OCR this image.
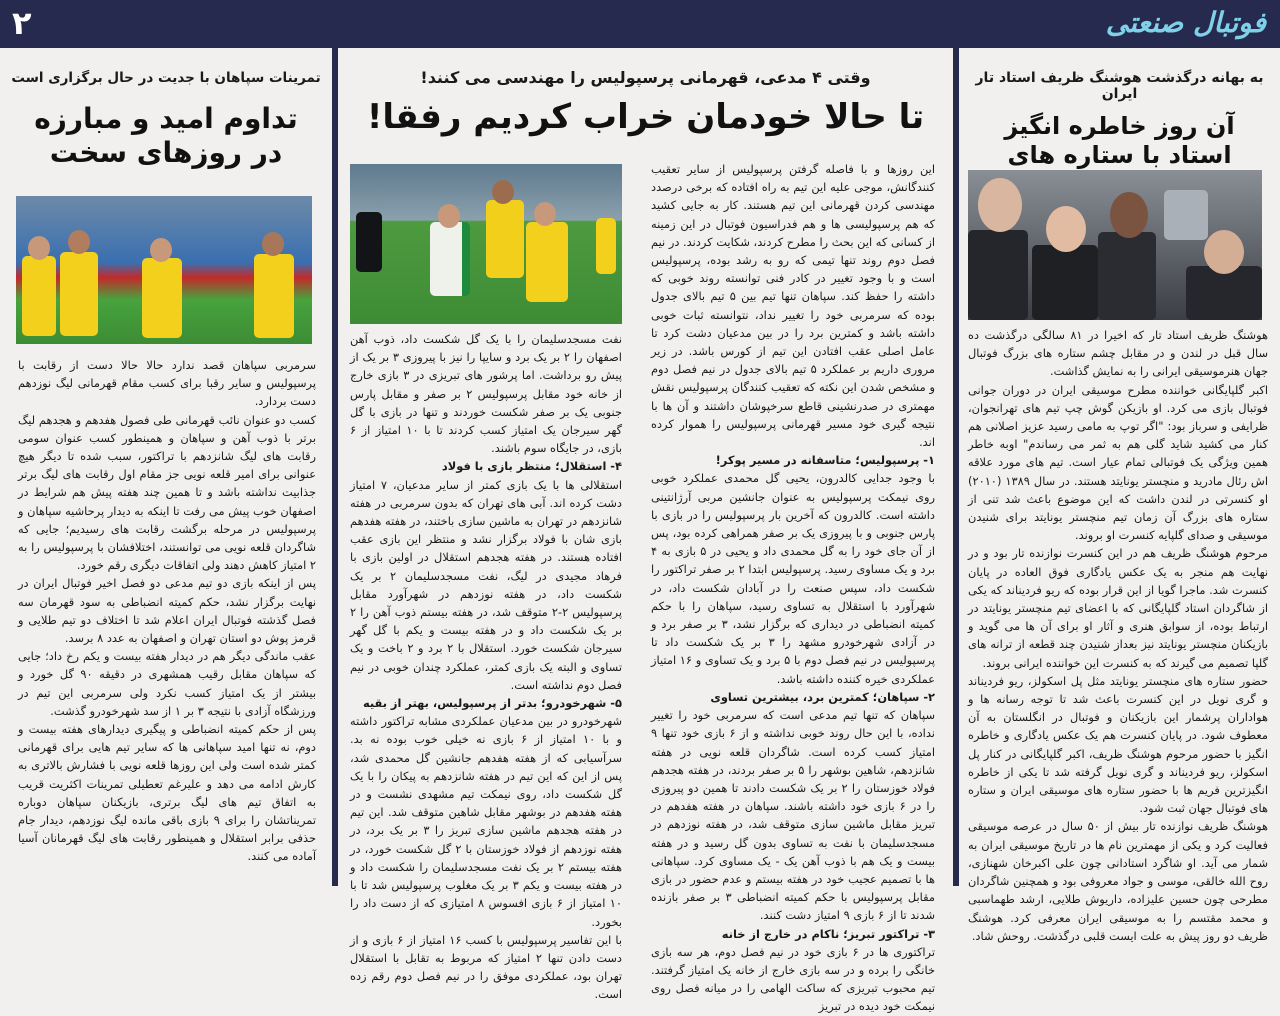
۲	فوتبال صنعتی
به بهانه درگذشت هوشنگ ظریف استاد تار ایران
آن روز خاطره انگیز استاد با ستاره های

هوشنگ ظریف استاد تار که اخیرا در ۸۱ سالگی درگذشت ده سال قبل در لندن و در مقابل چشم ستاره های بزرگ فوتبال جهان هنرموسیقی ایرانی را به نمایش گذاشت.

اکبر گلپایگانی خواننده مطرح موسیقی ایران در دوران جوانی فوتبال بازی می کرد. او بازیکن گوش چپ تیم های تهرانجوان، ظرایفی و سرباز بود: "اگر توپ به مامی رسید عزیز اصلانی هم کنار می کشید شاید گلی هم به ثمر می رساندم" اوبه خاطر همین ویژگی یک فوتبالی تمام عیار است. تیم های مورد علاقه اش رئال مادرید و منچستر یونایتد هستند. در سال ۱۳۸۹ (۲۰۱۰) او کنسرتی در لندن داشت که این موضوع باعث شد تنی از ستاره های بزرگ آن زمان تیم منچستر یونایتد برای شنیدن موسیقی و صدای گلپایه کنسرت او بروند.

مرحوم هوشنگ ظریف هم در این کنسرت نوازنده تار بود و در نهایت هم منجر به یک عکس یادگاری فوق العاده در پایان کنسرت شد. ماجرا گویا از این قرار بوده که ریو فردیناند که یکی از شاگردان استاد گلپایگانی که با اعضای تیم منچستر یونایتد در ارتباط بوده، از سوابق هنری و آثار او برای آن ها می گوید و بازیکنان منچستر یونایتد نیز بعداز شنیدن چند قطعه از ترانه های گلپا تصمیم می گیرند که به کنسرت این خواننده ایرانی بروند.

حضور ستاره های منچستر یونایتد مثل پل اسکولز، ریو فردیناند و گری نویل در این کنسرت باعث شد تا توجه رسانه ها و هواداران پرشمار این بازیکنان و فوتبال در انگلستان به آن معطوف شود. در پایان کنسرت هم یک عکس یادگاری و خاطره انگیز با حضور مرحوم هوشنگ ظریف، اکبر گلپایگانی در کنار پل اسکولز، ریو فردیناند و گری نویل گرفته شد تا یکی از خاطره انگیزترین فریم ها با حضور ستاره های موسیقی ایران و ستاره های فوتبال جهان ثبت شود.

هوشنگ ظریف نوازنده تار بیش از ۵۰ سال در عرصه موسیقی فعالیت کرد و یکی از مهمترین نام ها در تاریخ موسیقی ایران به شمار می آید. او شاگرد استادانی چون علی اکبرخان شهنازی، روح الله خالقی، موسی و جواد معروفی بود و همچنین شاگردان مطرحی چون حسین علیزاده، داریوش طلایی، ارشد طهماسبی و محمد مقتسم را به موسیقی ایران معرفی کرد. هوشنگ ظریف دو روز پیش به علت ایست قلبی درگذشت. روحش شاد.

وقتی ۴ مدعی، قهرمانی پرسپولیس را مهندسی می کنند!
تا حالا خودمان خراب کردیم رفقا!

این روزها و با فاصله گرفتن پرسپولیس از سایر تعقیب کنندگانش، موجی علیه این تیم به راه افتاده که برخی درصدد مهندسی کردن قهرمانی این تیم هستند. کار به جایی کشید که هم پرسپولیسی ها و هم فدراسیون فوتبال در این زمینه از کسانی که این بحث را مطرح کردند، شکایت کردند. در نیم فصل دوم روند تنها تیمی که رو به رشد بوده، پرسپولیس است و با وجود تغییر در کادر فنی توانسته روند خوبی که داشته را حفظ کند. سپاهان تنها تیم بین ۵ تیم بالای جدول بوده که سرمربی خود را تغییر نداد، نتوانسته ثبات خوبی داشته باشد و کمترین برد را در بین مدعیان دشت کرد تا عامل اصلی عقب افتادن این تیم از کورس باشد. در زیر مروری داریم بر عملکرد ۵ تیم بالای جدول در نیم فصل دوم و مشخص شدن این نکته که تعقیب کنندگان پرسپولیس نقش مهمتری در صدرنشینی قاطع سرخپوشان داشتند و آن ها با نتیجه گیری خود مسیر قهرمانی پرسپولیس را هموار کرده اند.

۱- پرسپولیس؛ متاسفانه در مسیر پوکر!
با وجود جدایی کالدرون، یحیی گل محمدی عملکرد خوبی روی نیمکت پرسپولیس به عنوان جانشین مربی آرژانتینی داشته است. کالدرون که آخرین بار پرسپولیس را در بازی با پارس جنوبی و با پیروزی یک بر صفر همراهی کرده بود، پس از آن جای خود را به گل محمدی داد و یحیی در ۵ بازی به ۴ برد و یک مساوی رسید. پرسپولیس ابتدا ۲ بر صفر تراکتور را شکست داد، سپس صنعت را در آبادان شکست داد، در شهرآورد با استقلال به تساوی رسید، سپاهان را با حکم کمیته انضباطی در دیداری که برگزار نشد، ۳ بر صفر برد و در آزادی شهرخودرو مشهد را ۳ بر یک شکست داد تا پرسپولیس در نیم فصل دوم با ۵ برد و یک تساوی و ۱۶ امتیاز عملکردی خیره کننده داشته باشد.

۲- سپاهان؛ کمترین برد، بیشترین تساوی
سپاهان که تنها تیم مدعی است که سرمربی خود را تغییر نداده، با این حال روند خوبی نداشته و از ۶ بازی خود تنها ۹ امتیاز کسب کرده است. شاگردان قلعه نویی در هفته شانزدهم، شاهین بوشهر را ۵ بر صفر بردند، در هفته هجدهم فولاد خوزستان را ۲ بر یک شکست دادند تا همین دو پیروزی را در ۶ بازی خود داشته باشند. سپاهان در هفته هفدهم در تبریز مقابل ماشین سازی متوقف شد، در هفته نوزدهم در مسجدسلیمان با نفت به تساوی بدون گل رسید و در هفته بیست و یک هم با ذوب آهن یک - یک مساوی کرد. سپاهانی ها با تصمیم عجیب خود در هفته بیستم و عدم حضور در بازی مقابل پرسپولیس با حکم کمیته انضباطی ۳ بر صفر بازنده شدند تا از ۶ بازی ۹ امتیاز دشت کنند.

۳- تراکتور تبریز؛ ناکام در خارج از خانه
تراکتوری ها در ۶ بازی خود در نیم فصل دوم، هر سه بازی خانگی را برده و در سه بازی خارج از خانه یک امتیاز گرفتند. تیم محبوب تبریزی که ساکت الهامی را در میانه فصل روی نیمکت خود دیده در تبریز

نفت مسجدسلیمان را با یک گل شکست داد، ذوب آهن اصفهان را ۲ بر یک برد و سایپا را نیز با پیروزی ۳ بر یک از پیش رو برداشت. اما پرشور های تبریزی در ۳ بازی خارج از خانه خود مقابل پرسپولیس ۲ بر صفر و مقابل پارس جنوبی یک بر صفر شکست خوردند و تنها در بازی با گل گهر سیرجان یک امتیاز کسب کردند تا با ۱۰ امتیاز از ۶ بازی، در جایگاه سوم باشند.

۴- استقلال؛ منتظر بازی با فولاد
استقلالی ها با یک بازی کمتر از سایر مدعیان، ۷ امتیاز دشت کرده اند. آبی های تهران که بدون سرمربی در هفته شانزدهم در تهران به ماشین سازی باختند، در هفته هفدهم بازی شان با فولاد برگزار نشد و منتظر این بازی عقب افتاده هستند. در هفته هجدهم استقلال در اولین بازی با فرهاد مجیدی در لیگ، نفت مسجدسلیمان ۲ بر یک شکست داد، در هفته نوزدهم در شهرآورد مقابل پرسپولیس ۲-۲ متوقف شد، در هفته بیستم ذوب آهن را ۲ بر یک شکست داد و در هفته بیست و یکم با گل گهر سیرجان شکست خورد. استقلال با ۲ برد و ۲ باخت و یک تساوی و البته یک بازی کمتر، عملکرد چندان خوبی در نیم فصل دوم نداشته است.

۵- شهرخودرو؛ بدتر از پرسپولیس، بهتر از بقیه
شهرخودرو در بین مدعیان عملکردی مشابه تراکتور داشته و با ۱۰ امتیاز از ۶ بازی نه خیلی خوب بوده نه بد. سرآسیابی که از هفته هفدهم جانشین گل محمدی شد، پس از این که این تیم در هفته شانزدهم به پیکان را با یک گل شکست داد، روی نیمکت تیم مشهدی نشست و در هفته هفدهم در بوشهر مقابل شاهین متوقف شد. این تیم در هفته هجدهم ماشین سازی تبریز را ۳ بر یک برد، در هفته نوزدهم از فولاد خوزستان با ۲ گل شکست خورد، در هفته بیستم ۲ بر یک نفت مسجدسلیمان را شکست داد و در هفته بیست و یکم ۳ بر یک مغلوب پرسپولیس شد تا با ۱۰ امتیاز از ۶ بازی افسوس ۸ امتیازی که از دست داد را بخورد.

با این تفاسیر پرسپولیس با کسب ۱۶ امتیاز از ۶ بازی و از دست دادن تنها ۲ امتیاز که مربوط به تقابل با استقلال تهران بود، عملکردی موفق را در نیم فصل دوم رقم زده است.

تمرینات سپاهان با جدیت در حال برگزاری است
تداوم امید و مبارزه در روزهای سخت

سرمربی سپاهان قصد ندارد حالا حالا دست از رقابت با پرسپولیس و سایر رقبا برای کسب مقام قهرمانی لیگ نوزدهم دست بردارد.

کسب دو عنوان نائب قهرمانی طی فصول هفدهم و هجدهم لیگ برتر با ذوب آهن و سپاهان و همینطور کسب عنوان سومی رقابت های لیگ شانزدهم با تراکتور، سبب شده تا دیگر هیچ عنوانی برای امیر قلعه نویی جز مقام اول رقابت های لیگ برتر جذابیت نداشته باشد و تا همین چند هفته پیش هم شرایط در اصفهان خوب پیش می رفت تا اینکه به دیدار پرحاشیه سپاهان و پرسپولیس در مرحله برگشت رقابت های رسیدیم؛ جایی که شاگردان قلعه نویی می توانستند، اختلافشان با پرسپولیس را به ۲ امتیاز کاهش دهند ولی اتفاقات دیگری رقم خورد.

پس از اینکه بازی دو تیم مدعی دو فصل اخیر فوتبال ایران در نهایت برگزار نشد، حکم کمیته انضباطی به سود قهرمان سه فصل گذشته فوتبال ایران اعلام شد تا اختلاف دو تیم طلایی و قرمز پوش دو استان تهران و اصفهان به عدد ۸ برسد.

عقب ماندگی دیگر هم در دیدار هفته بیست و یکم رخ داد؛ جایی که سپاهان مقابل رقیب همشهری در دقیقه ۹۰ گل خورد و بیشتر از یک امتیاز کسب نکرد ولی سرمربی این تیم در ورزشگاه آزادی با نتیجه ۳ بر ۱ از سد شهرخودرو گذشت.

پس از حکم کمیته انضباطی و پیگیری دیدارهای هفته بیست و دوم، نه تنها امید سپاهانی ها که سایر تیم هایی برای قهرمانی کمتر شده است ولی این روزها قلعه نویی با فشارش بالاتری به کارش ادامه می دهد و علیرغم تعطیلی تمرینات اکثریت قریب به اتفاق تیم های لیگ برتری، بازیکنان سپاهان دوباره تمریناتشان را برای ۹ بازی باقی مانده لیگ نوزدهم، دیدار جام حذفی برابر استقلال و همینطور رقابت های لیگ قهرمانان آسیا آماده می کنند.
